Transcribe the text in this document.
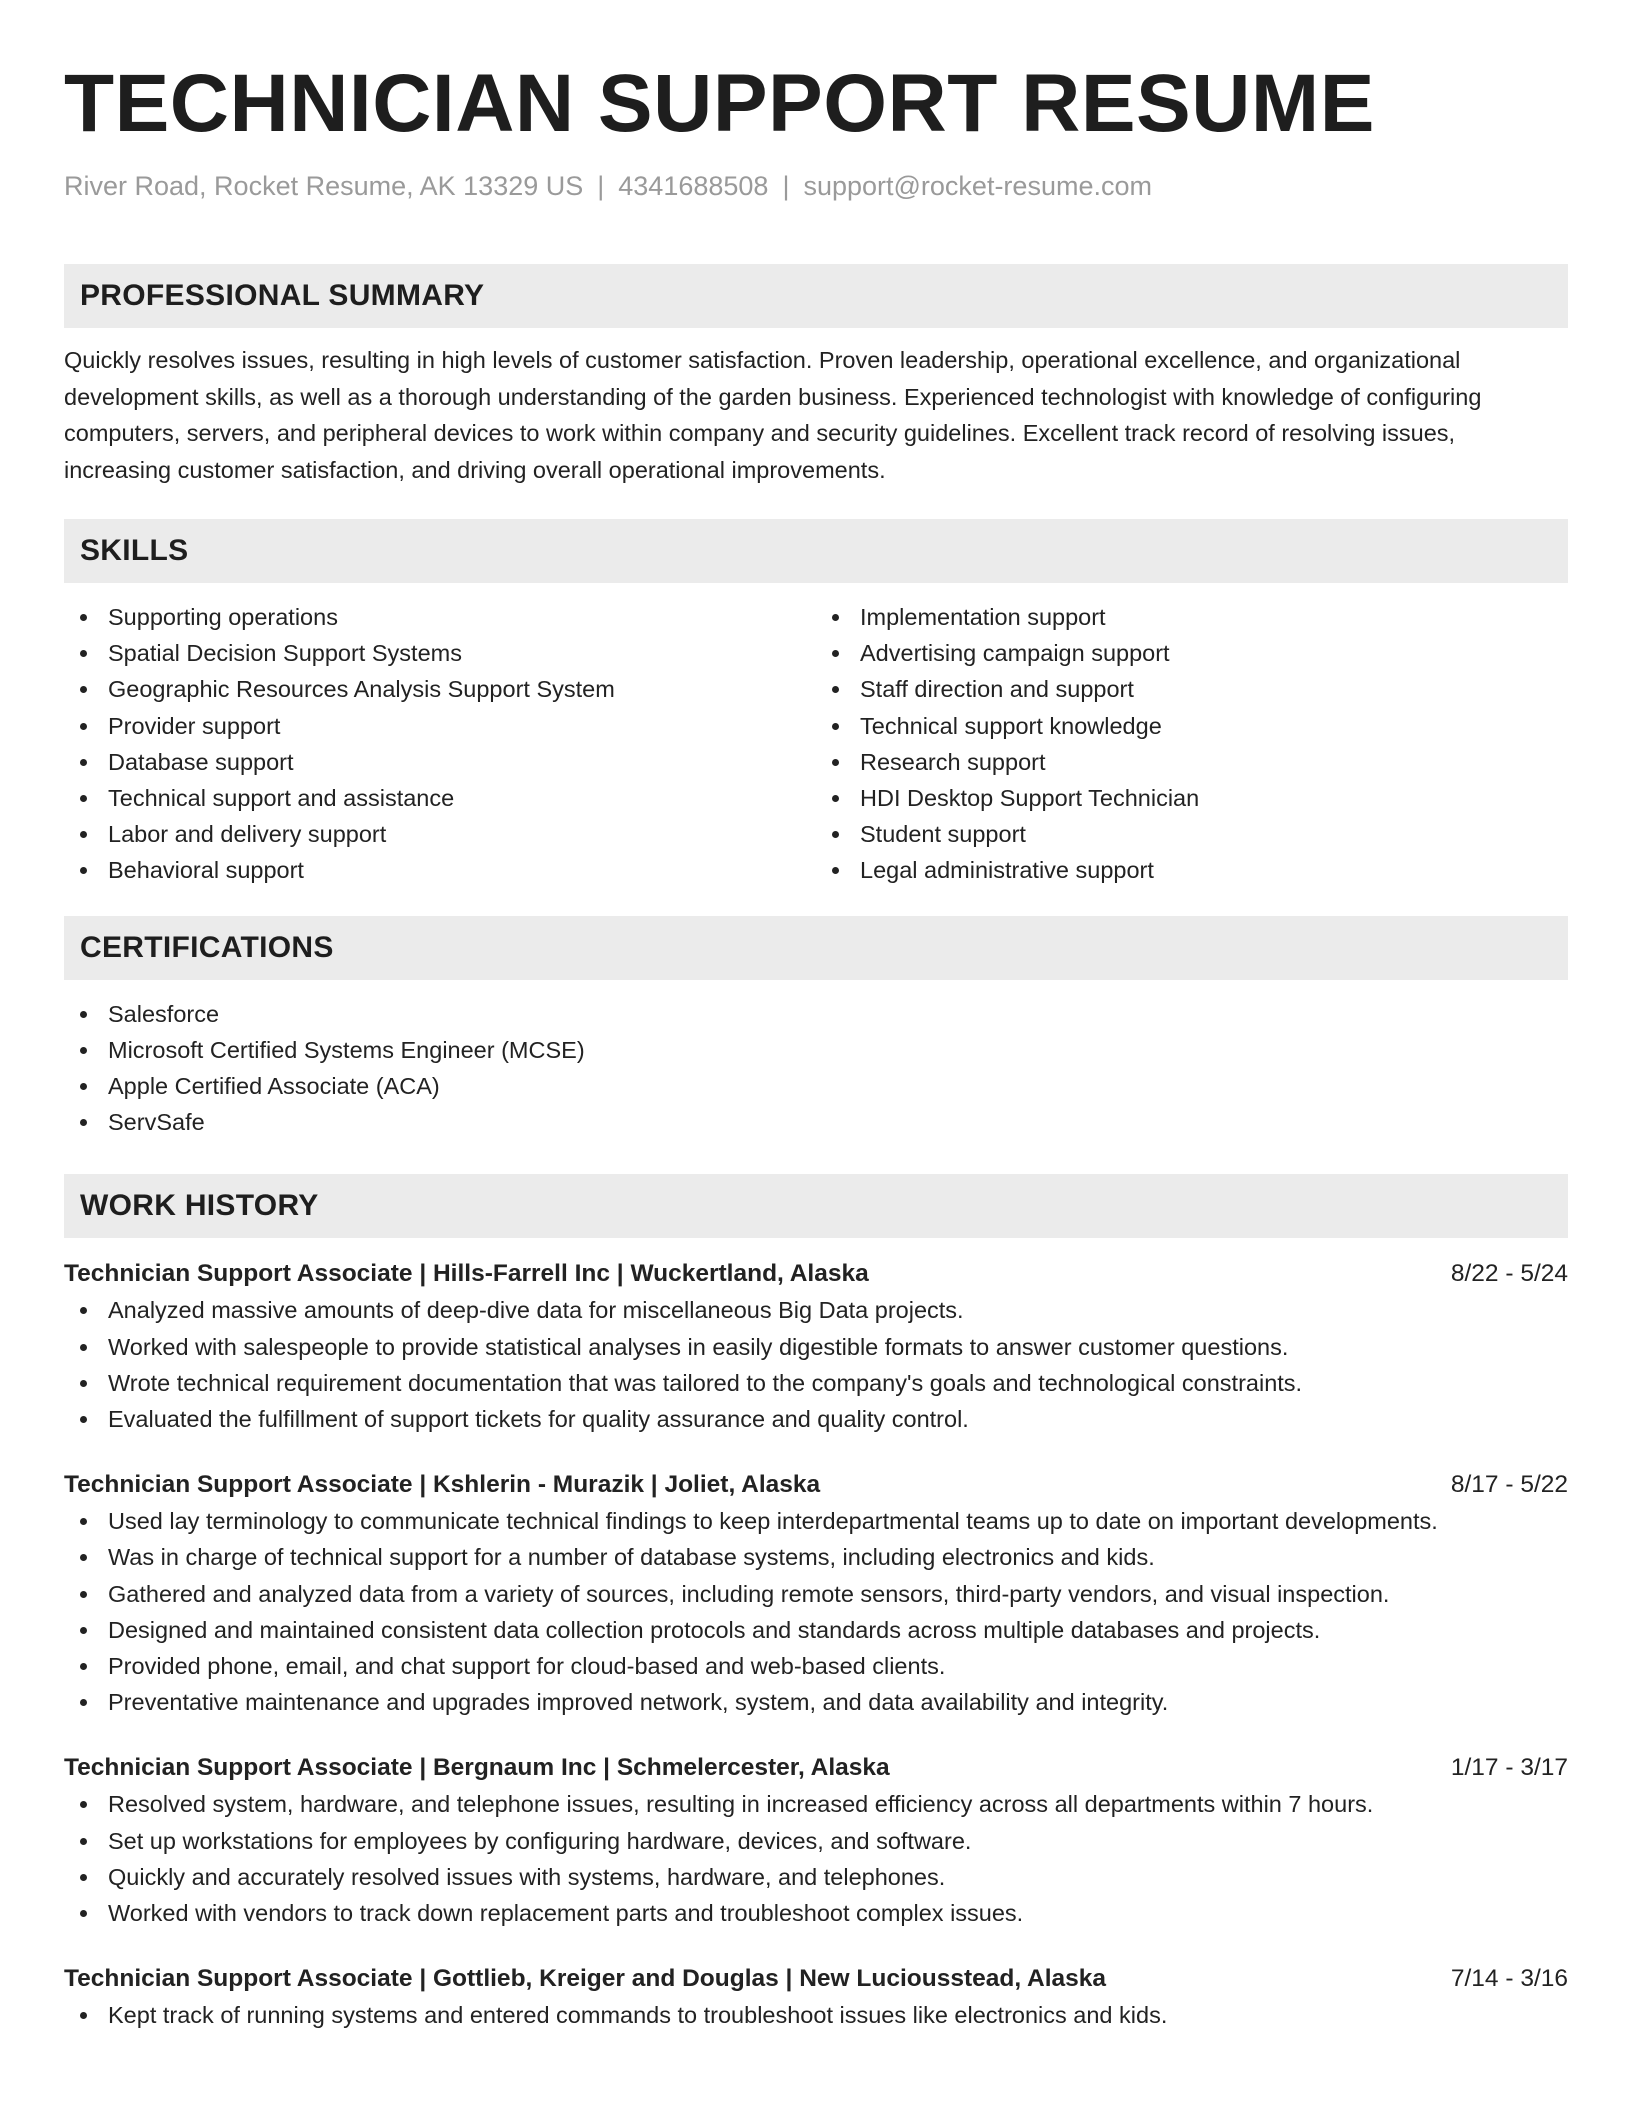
TECHNICIAN SUPPORT RESUME
River Road, Rocket Resume, AK 13329 US | 4341688508 | support@rocket-resume.com
PROFESSIONAL SUMMARY

Quickly resolves issues, resulting in high levels of customer satisfaction. Proven leadership, operational excellence, and organizational development skills, as well as a thorough understanding of the garden business. Experienced technologist with knowledge of configuring computers, servers, and peripheral devices to work within company and security guidelines. Excellent track record of resolving issues, increasing customer satisfaction, and driving overall operational improvements.

SKILLS
Supporting operations
Spatial Decision Support Systems
Geographic Resources Analysis Support System
Provider support
Database support
Technical support and assistance
Labor and delivery support
Behavioral support
Implementation support
Advertising campaign support
Staff direction and support
Technical support knowledge
Research support
HDI Desktop Support Technician
Student support
Legal administrative support
CERTIFICATIONS
Salesforce
Microsoft Certified Systems Engineer (MCSE)
Apple Certified Associate (ACA)
ServSafe
WORK HISTORY
Technician Support Associate | Hills-Farrell Inc | Wuckertland, Alaska	8/22 - 5/24
Analyzed massive amounts of deep-dive data for miscellaneous Big Data projects.
Worked with salespeople to provide statistical analyses in easily digestible formats to answer customer questions.
Wrote technical requirement documentation that was tailored to the company's goals and technological constraints.
Evaluated the fulfillment of support tickets for quality assurance and quality control.
Technician Support Associate | Kshlerin - Murazik | Joliet, Alaska	8/17 - 5/22
Used lay terminology to communicate technical findings to keep interdepartmental teams up to date on important developments.
Was in charge of technical support for a number of database systems, including electronics and kids.
Gathered and analyzed data from a variety of sources, including remote sensors, third-party vendors, and visual inspection.
Designed and maintained consistent data collection protocols and standards across multiple databases and projects.
Provided phone, email, and chat support for cloud-based and web-based clients.
Preventative maintenance and upgrades improved network, system, and data availability and integrity.
Technician Support Associate | Bergnaum Inc | Schmelercester, Alaska	1/17 - 3/17
Resolved system, hardware, and telephone issues, resulting in increased efficiency across all departments within 7 hours.
Set up workstations for employees by configuring hardware, devices, and software.
Quickly and accurately resolved issues with systems, hardware, and telephones.
Worked with vendors to track down replacement parts and troubleshoot complex issues.
Technician Support Associate | Gottlieb, Kreiger and Douglas | New Luciousstead, Alaska	7/14 - 3/16
Kept track of running systems and entered commands to troubleshoot issues like electronics and kids.
